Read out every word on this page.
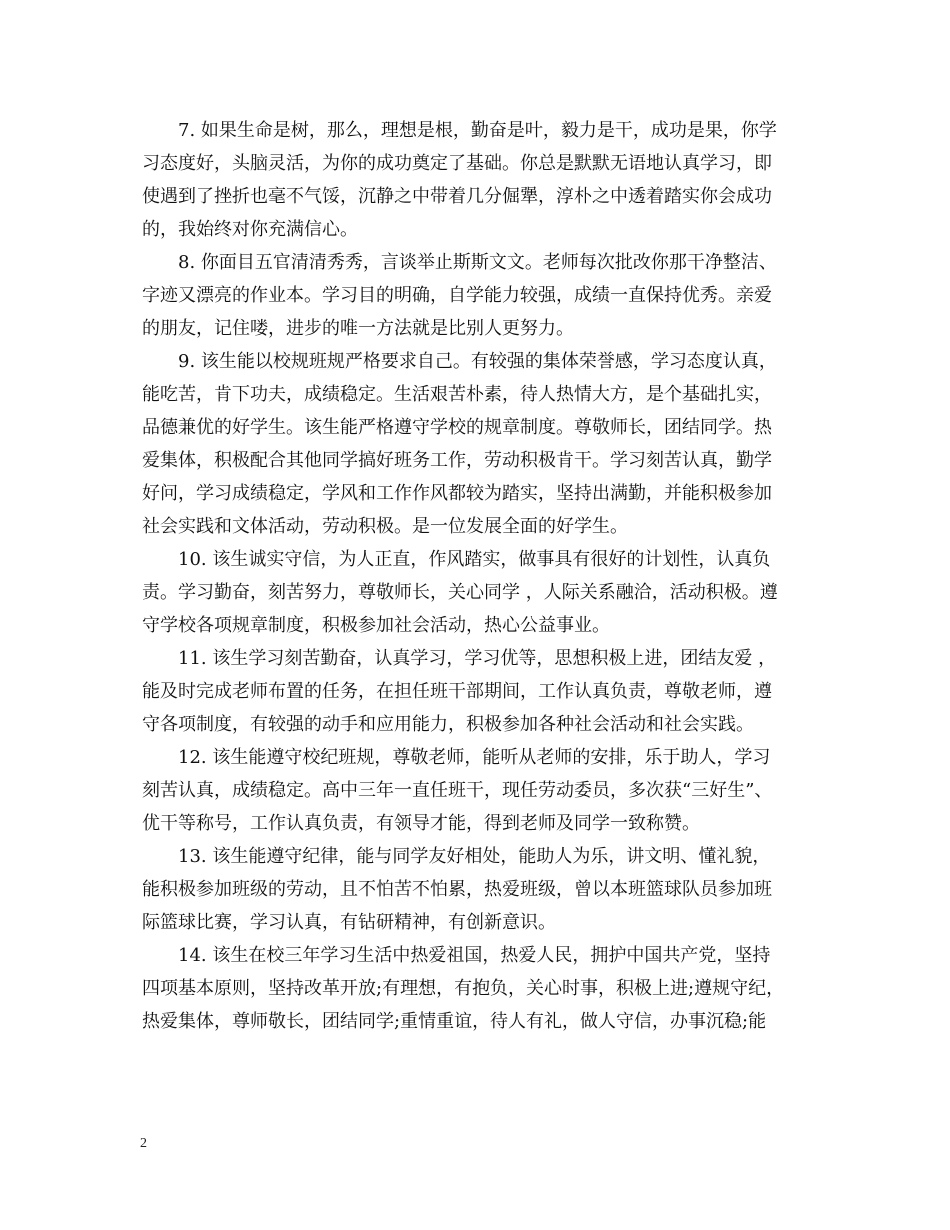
7. 如果生命是树，那么，理想是根，勤奋是叶，毅力是干，成功是果，你学
习态度好，头脑灵活，为你的成功奠定了基础。你总是默默无语地认真学习，即
使遇到了挫折也毫不气馁，沉静之中带着几分倔犟，淳朴之中透着踏实你会成功
的，我始终对你充满信心。
8. 你面目五官清清秀秀，言谈举止斯斯文文。老师每次批改你那干净整洁、
字迹又漂亮的作业本。学习目的明确，自学能力较强，成绩一直保持优秀。亲爱
的朋友，记住喽，进步的唯一方法就是比别人更努力。
9. 该生能以校规班规严格要求自己。有较强的集体荣誉感，学习态度认真，
能吃苦，肯下功夫，成绩稳定。生活艰苦朴素，待人热情大方，是个基础扎实，
品德兼优的好学生。该生能严格遵守学校的规章制度。尊敬师长，团结同学。热
爱集体，积极配合其他同学搞好班务工作，劳动积极肯干。学习刻苦认真，勤学
好问，学习成绩稳定，学风和工作作风都较为踏实，坚持出满勤，并能积极参加
社会实践和文体活动，劳动积极。是一位发展全面的好学生。
10. 该生诚实守信，为人正直，作风踏实，做事具有很好的计划性，认真负
责。学习勤奋，刻苦努力，尊敬师长，关心同学 ，人际关系融洽，活动积极。遵
守学校各项规章制度，积极参加社会活动，热心公益事业。
11. 该生学习刻苦勤奋，认真学习，学习优等，思想积极上进，团结友爱 ，
能及时完成老师布置的任务，在担任班干部期间，工作认真负责，尊敬老师，遵
守各项制度，有较强的动手和应用能力，积极参加各种社会活动和社会实践。
12. 该生能遵守校纪班规，尊敬老师，能听从老师的安排，乐于助人，学习
刻苦认真，成绩稳定。高中三年一直任班干，现任劳动委员，多次获“三好生”、
优干等称号，工作认真负责，有领导才能，得到老师及同学一致称赞。
13. 该生能遵守纪律，能与同学友好相处，能助人为乐，讲文明、懂礼貌，
能积极参加班级的劳动，且不怕苦不怕累，热爱班级，曾以本班篮球队员参加班
际篮球比赛，学习认真，有钻研精神，有创新意识。
14. 该生在校三年学习生活中热爱祖国，热爱人民，拥护中国共产党，坚持
四项基本原则，坚持改革开放;有理想，有抱负，关心时事，积极上进;遵规守纪，
热爱集体，尊师敬长，团结同学;重情重谊，待人有礼，做人守信，办事沉稳;能
2
